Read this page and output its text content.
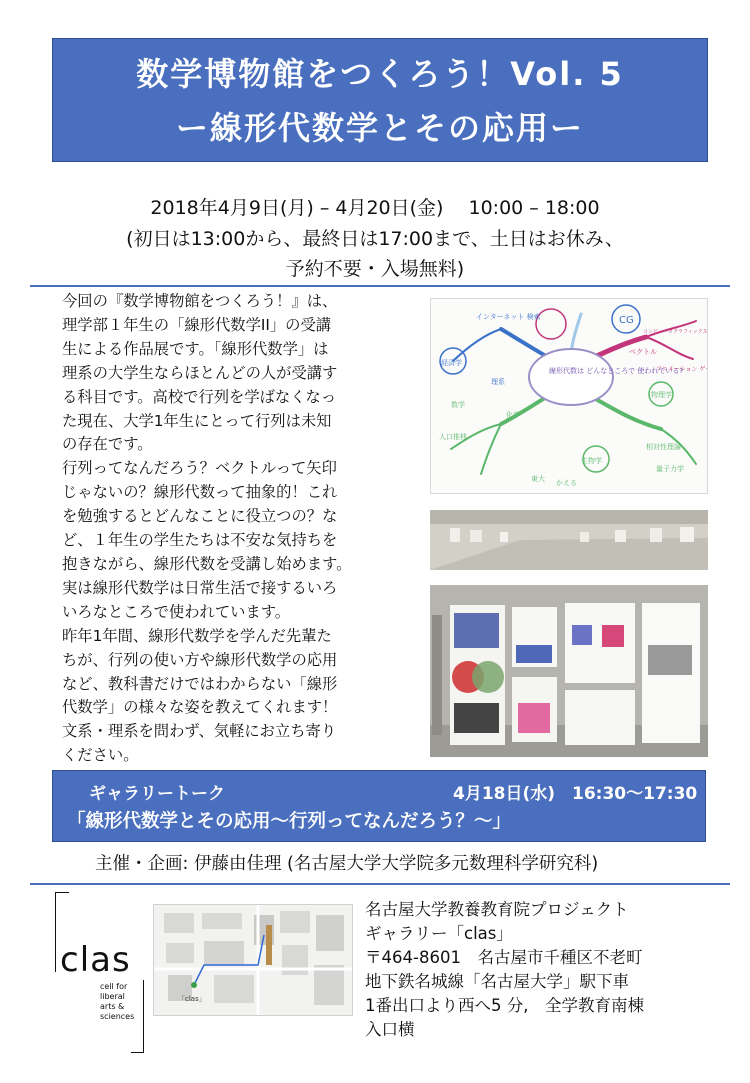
数学博物館をつくろう！Vol. 5
ー線形代数学とその応用ー
2018年4月9日(月) – 4月20日(金)　 10:00 – 18:00
(初日は13:00から、最終日は17:00まで、土日はお休み、
予約不要・入場無料)

今回の『数学博物館をつくろう！』は、

理学部１年生の「線形代数学II」の受講

生による作品展です。「線形代数学」は

理系の大学生ならほとんどの人が受講す

る科目です。高校で行列を学ばなくなっ

た現在、大学1年生にとって行列は未知

の存在です。

行列ってなんだろう？ベクトルって矢印

じゃないの？線形代数って抽象的！これ

を勉強するとどんなことに役立つの？な

ど、１年生の学生たちは不安な気持ちを

抱きながら、線形代数を受講し始めます。

実は線形代数学は日常生活で接するいろ

いろなところで使われています。

昨年1年間、線形代数学を学んだ先輩た

ちが、行列の使い方や線形代数学の応用

など、教科書だけではわからない「線形

代数学」の様々な姿を教えてくれます！

文系・理系を問わず、気軽にお立ち寄り

ください。

線形代数は どんなところで 使われている?
インターネット 検索	CG
ベクトル
コンピュータグラフィックス
アニメーション ゲ
経済学
理系
物理学
数学
化学
生物学
人口推移
相対性理論
量子力学
東大 かえる
ギャラリートーク	4月18日(水)　16:30～17:30
「線形代数学とその応用～行列ってなんだろう？～」
主催・企画: 伊藤由佳理 (名古屋大学大学院多元数理科学研究科)
clas
cell for
liberal
arts &
sciences
「clas」
名古屋大学教養教育院プロジェクト
ギャラリー「clas」
〒464-8601　名古屋市千種区不老町
地下鉄名城線「名古屋大学」駅下車
1番出口より西へ5 分,　全学教育南棟
入口横
